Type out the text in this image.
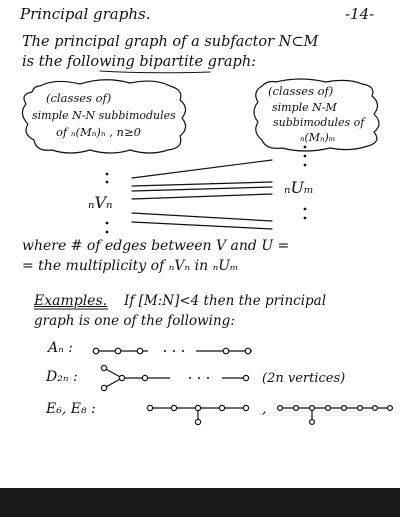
Principal graphs.	-14-
The principal graph of a subfactor N⊂M
is the following bipartite graph:
(classes of)
simple N-N subbimodules
of ₙ(Mₙ)ₙ , n≥0
(classes of)
simple N-M
subbimodules of
ₙ(Mₙ)ₘ
ₙVₙ
ₙUₘ
· · ·
where # of edges between V and U =
= the multiplicity of ₙVₙ in ₙUₘ
Examples. If [M:N]<4 then the principal
graph is one of the following:
Aₙ :
D₂ₙ :	(2n vertices)
E₆, E₈ :	,
